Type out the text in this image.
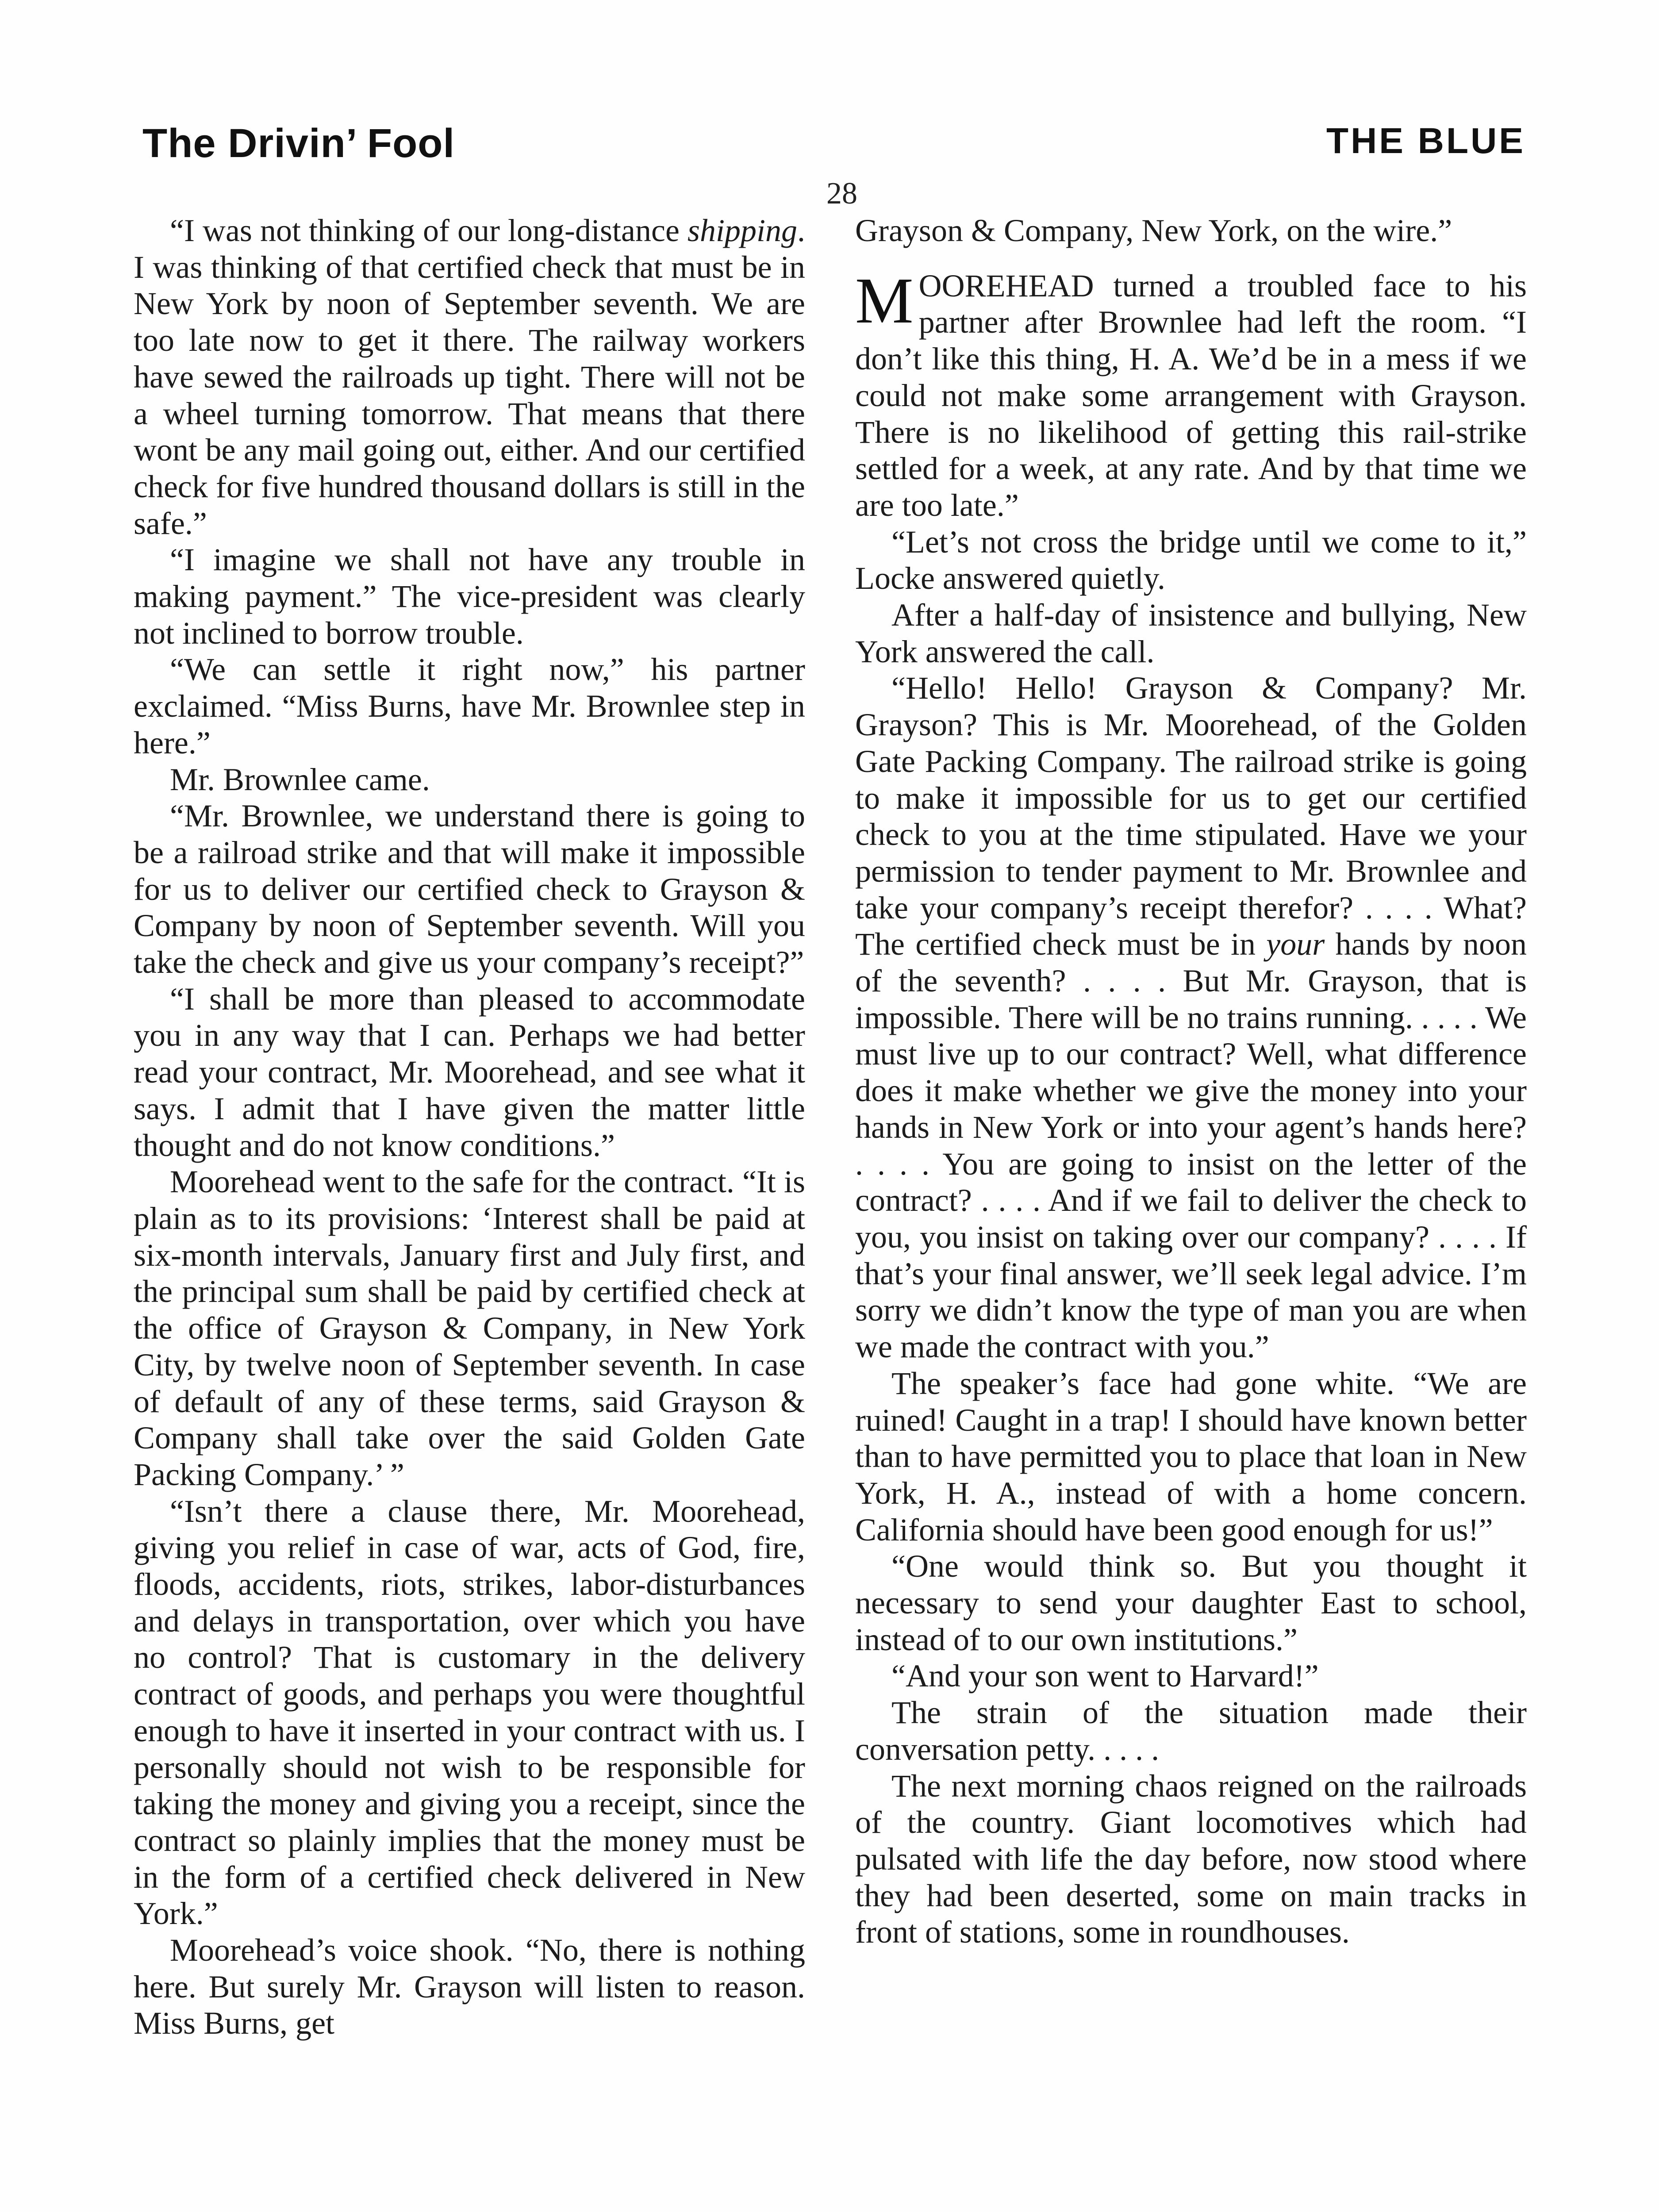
The Drivin’ Fool	THE BLUE
28

“I was not thinking of our long-distance shipping. I was thinking of that certified check that must be in New York by noon of September seventh. We are too late now to get it there. The railway workers have sewed the railroads up tight. There will not be a wheel turning tomorrow. That means that there wont be any mail going out, either. And our certified check for five hundred thousand dollars is still in the safe.”

“I imagine we shall not have any trouble in making payment.” The vice-president was clearly not inclined to borrow trouble.

“We can settle it right now,” his partner exclaimed. “Miss Burns, have Mr. Brownlee step in here.”

Mr. Brownlee came.

“Mr. Brownlee, we understand there is going to be a railroad strike and that will make it impossible for us to deliver our certified check to Grayson & Company by noon of September seventh. Will you take the check and give us your company’s receipt?”

“I shall be more than pleased to accommodate you in any way that I can. Perhaps we had better read your contract, Mr. Moorehead, and see what it says. I admit that I have given the matter little thought and do not know conditions.”

Moorehead went to the safe for the contract. “It is plain as to its provisions: ‘Interest shall be paid at six-month intervals, January first and July first, and the principal sum shall be paid by certified check at the office of Grayson & Company, in New York City, by twelve noon of September seventh. In case of default of any of these terms, said Grayson & Company shall take over the said Golden Gate Packing Company.’ ”

“Isn’t there a clause there, Mr. Moorehead, giving you relief in case of war, acts of God, fire, floods, accidents, riots, strikes, labor-disturbances and delays in transportation, over which you have no control? That is customary in the delivery contract of goods, and perhaps you were thoughtful enough to have it inserted in your contract with us. I personally should not wish to be responsible for taking the money and giving you a receipt, since the contract so plainly implies that the money must be in the form of a certified check delivered in New York.”

Moorehead’s voice shook. “No, there is nothing here. But surely Mr. Grayson will listen to reason. Miss Burns, get

Grayson & Company, New York, on the wire.”

MOOREHEAD turned a troubled face to his partner after Brownlee had left the room. “I don’t like this thing, H. A. We’d be in a mess if we could not make some arrangement with Grayson. There is no likelihood of getting this rail-strike settled for a week, at any rate. And by that time we are too late.”

“Let’s not cross the bridge until we come to it,” Locke answered quietly.

After a half-day of insistence and bullying, New York answered the call.

“Hello! Hello! Grayson & Company? Mr. Grayson? This is Mr. Moorehead, of the Golden Gate Packing Company. The railroad strike is going to make it impossible for us to get our certified check to you at the time stipulated. Have we your permission to tender payment to Mr. Brownlee and take your company’s receipt therefor? . . . . What? The certified check must be in your hands by noon of the seventh? . . . . But Mr. Grayson, that is impossible. There will be no trains running. . . . . We must live up to our contract? Well, what difference does it make whether we give the money into your hands in New York or into your agent’s hands here? . . . . You are going to insist on the letter of the contract? . . . . And if we fail to deliver the check to you, you insist on taking over our company? . . . . If that’s your final answer, we’ll seek legal advice. I’m sorry we didn’t know the type of man you are when we made the contract with you.”

The speaker’s face had gone white. “We are ruined! Caught in a trap! I should have known better than to have permitted you to place that loan in New York, H. A., instead of with a home concern. California should have been good enough for us!”

“One would think so. But you thought it necessary to send your daughter East to school, instead of to our own institutions.”

“And your son went to Harvard!”

The strain of the situation made their conversation petty. . . . .

The next morning chaos reigned on the railroads of the country. Giant locomotives which had pulsated with life the day before, now stood where they had been deserted, some on main tracks in front of stations, some in roundhouses.
